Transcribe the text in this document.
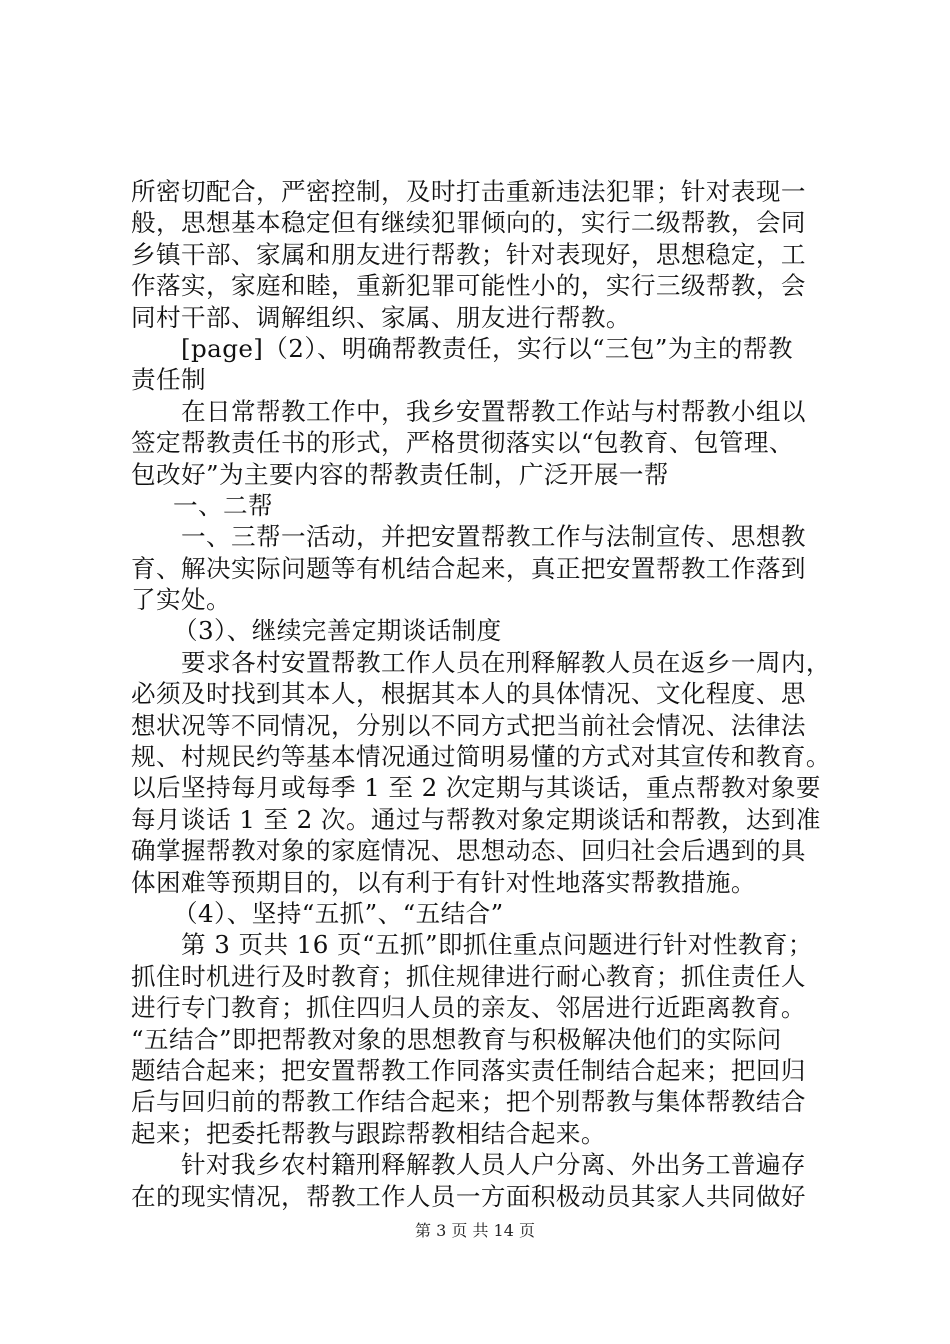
所密切配合，严密控制，及时打击重新违法犯罪；针对表现一
般，思想基本稳定但有继续犯罪倾向的，实行二级帮教，会同
乡镇干部、家属和朋友进行帮教；针对表现好，思想稳定，工
作落实，家庭和睦，重新犯罪可能性小的，实行三级帮教，会
同村干部、调解组织、家属、朋友进行帮教。
[page]（2）、明确帮教责任，实行以“三包”为主的帮教
责任制
在日常帮教工作中，我乡安置帮教工作站与村帮教小组以
签定帮教责任书的形式，严格贯彻落实以“包教育、包管理、
包改好”为主要内容的帮教责任制，广泛开展一帮
一、二帮
一、三帮一活动，并把安置帮教工作与法制宣传、思想教
育、解决实际问题等有机结合起来，真正把安置帮教工作落到
了实处。
（3）、继续完善定期谈话制度
要求各村安置帮教工作人员在刑释解教人员在返乡一周内，
必须及时找到其本人，根据其本人的具体情况、文化程度、思
想状况等不同情况，分别以不同方式把当前社会情况、法律法
规、村规民约等基本情况通过简明易懂的方式对其宣传和教育。
以后坚持每月或每季 1 至 2 次定期与其谈话，重点帮教对象要
每月谈话 1 至 2 次。通过与帮教对象定期谈话和帮教，达到准
确掌握帮教对象的家庭情况、思想动态、回归社会后遇到的具
体困难等预期目的，以有利于有针对性地落实帮教措施。
（4）、坚持“五抓”、“五结合”
第 3 页共 16 页“五抓”即抓住重点问题进行针对性教育；
抓住时机进行及时教育；抓住规律进行耐心教育；抓住责任人
进行专门教育；抓住四归人员的亲友、邻居进行近距离教育。
“五结合”即把帮教对象的思想教育与积极解决他们的实际问
题结合起来；把安置帮教工作同落实责任制结合起来；把回归
后与回归前的帮教工作结合起来；把个别帮教与集体帮教结合
起来；把委托帮教与跟踪帮教相结合起来。
针对我乡农村籍刑释解教人员人户分离、外出务工普遍存
在的现实情况，帮教工作人员一方面积极动员其家人共同做好
第 3 页 共 14 页
